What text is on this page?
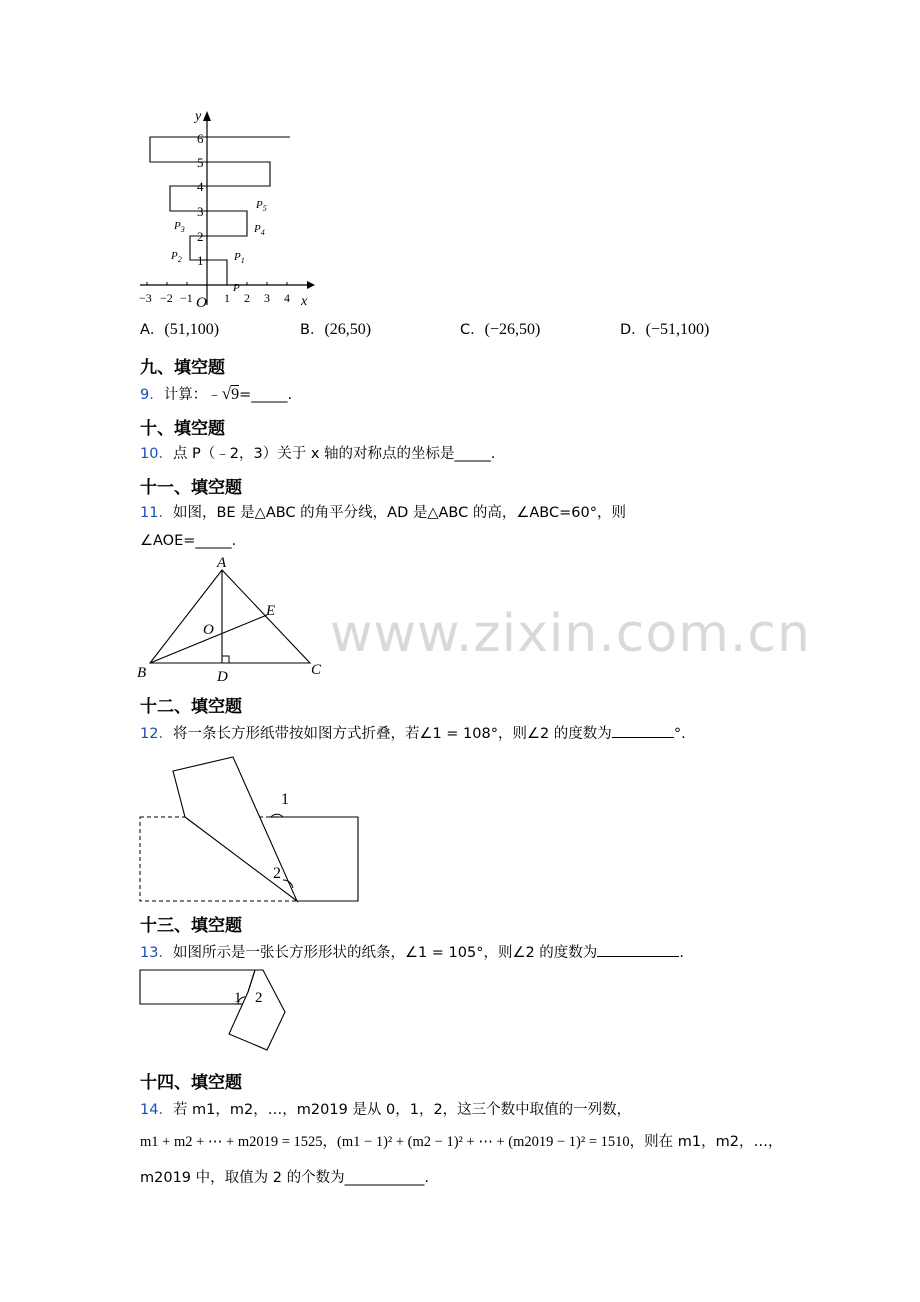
www.zixin.com.cn
1
2
3
4
5
6
−3 −2 −1	1 2 3 4
y
x
O
P
$P_1$
$P_2$
$P_3$	$P_4$
$P_5$
A．(51,100)	B．(26,50)	C．(−26,50)	D．(−51,100)
九、填空题
9．计算：﹣√9=_____.
十、填空题
10．点 P（﹣2，3）关于 x 轴的对称点的坐标是_____.
十一、填空题
11．如图，BE 是△ABC 的角平分线，AD 是△ABC 的高，∠ABC=60°，则
∠AOE=_____.
A
B	C
D
E
O
十二、填空题
12．将一条长方形纸带按如图方式折叠，若∠1 = 108°，则∠2 的度数为	°.
1
2
十三、填空题
13．如图所示是一张长方形形状的纸条，∠1 = 105°，则∠2 的度数为	.
1 2
十四、填空题
14．若 m1，m2，…，m2019 是从 0，1，2，这三个数中取值的一列数，
m1 + m2 + ⋯ + m2019 = 1525，(m1 − 1)² + (m2 − 1)² + ⋯ + (m2019 − 1)² = 1510，则在 m1，m2，…，
m2019 中，取值为 2 的个数为___________.
